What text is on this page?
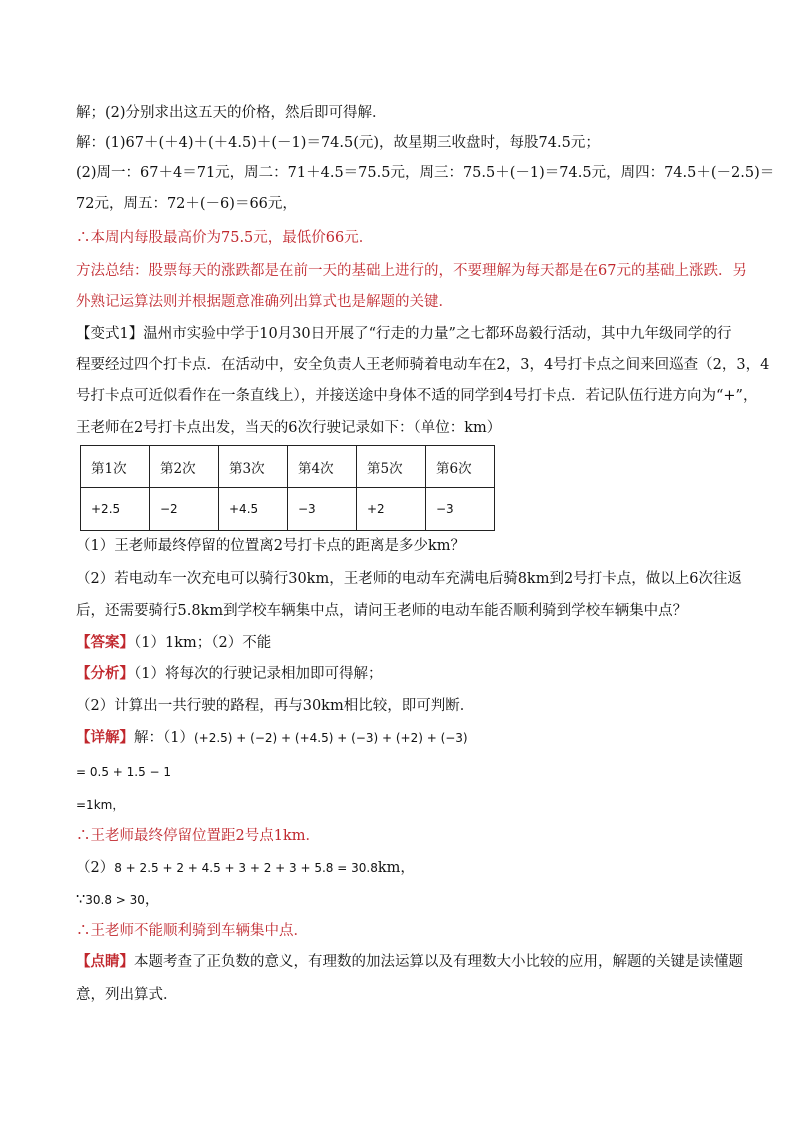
解；(2)分别求出这五天的价格，然后即可得解．
解：(1)67＋(＋4)＋(＋4.5)＋(－1)＝74.5(元)，故星期三收盘时，每股74.5元；
(2)周一：67＋4＝71元，周二：71＋4.5＝75.5元，周三：75.5＋(－1)＝74.5元，周四：74.5＋(－2.5)＝
72元，周五：72＋(－6)＝66元，
∴本周内每股最高价为75.5元，最低价66元．
方法总结：股票每天的涨跌都是在前一天的基础上进行的，不要理解为每天都是在67元的基础上涨跌．另
外熟记运算法则并根据题意准确列出算式也是解题的关键．
【变式1】温州市实验中学于10月30日开展了“行走的力量”之七都环岛毅行活动，其中九年级同学的行
程要经过四个打卡点．在活动中，安全负责人王老师骑着电动车在2，3，4号打卡点之间来回巡查（2，3，4
号打卡点可近似看作在一条直线上），并接送途中身体不适的同学到4号打卡点．若记队伍行进方向为“+”，
王老师在2号打卡点出发，当天的6次行驶记录如下：（单位：km）
第1次	第2次	第3次	第4次	第5次	第6次
+2.5	−2	+4.5	−3	+2	−3
（1）王老师最终停留的位置离2号打卡点的距离是多少km？
（2）若电动车一次充电可以骑行30km，王老师的电动车充满电后骑8km到2号打卡点，做以上6次往返
后，还需要骑行5.8km到学校车辆集中点，请问王老师的电动车能否顺利骑到学校车辆集中点？
【答案】（1）1km；（2）不能
【分析】（1）将每次的行驶记录相加即可得解；
（2）计算出一共行驶的路程，再与30km相比较，即可判断．
【详解】解：（1）(+2.5) + (−2) + (+4.5) + (−3) + (+2) + (−3)
= 0.5 + 1.5 − 1
=1km，
∴王老师最终停留位置距2号点1km．
（2）8 + 2.5 + 2 + 4.5 + 3 + 2 + 3 + 5.8 = 30.8km，
∵30.8 > 30，
∴王老师不能顺利骑到车辆集中点．
【点睛】本题考查了正负数的意义，有理数的加法运算以及有理数大小比较的应用，解题的关键是读懂题
意，列出算式．
